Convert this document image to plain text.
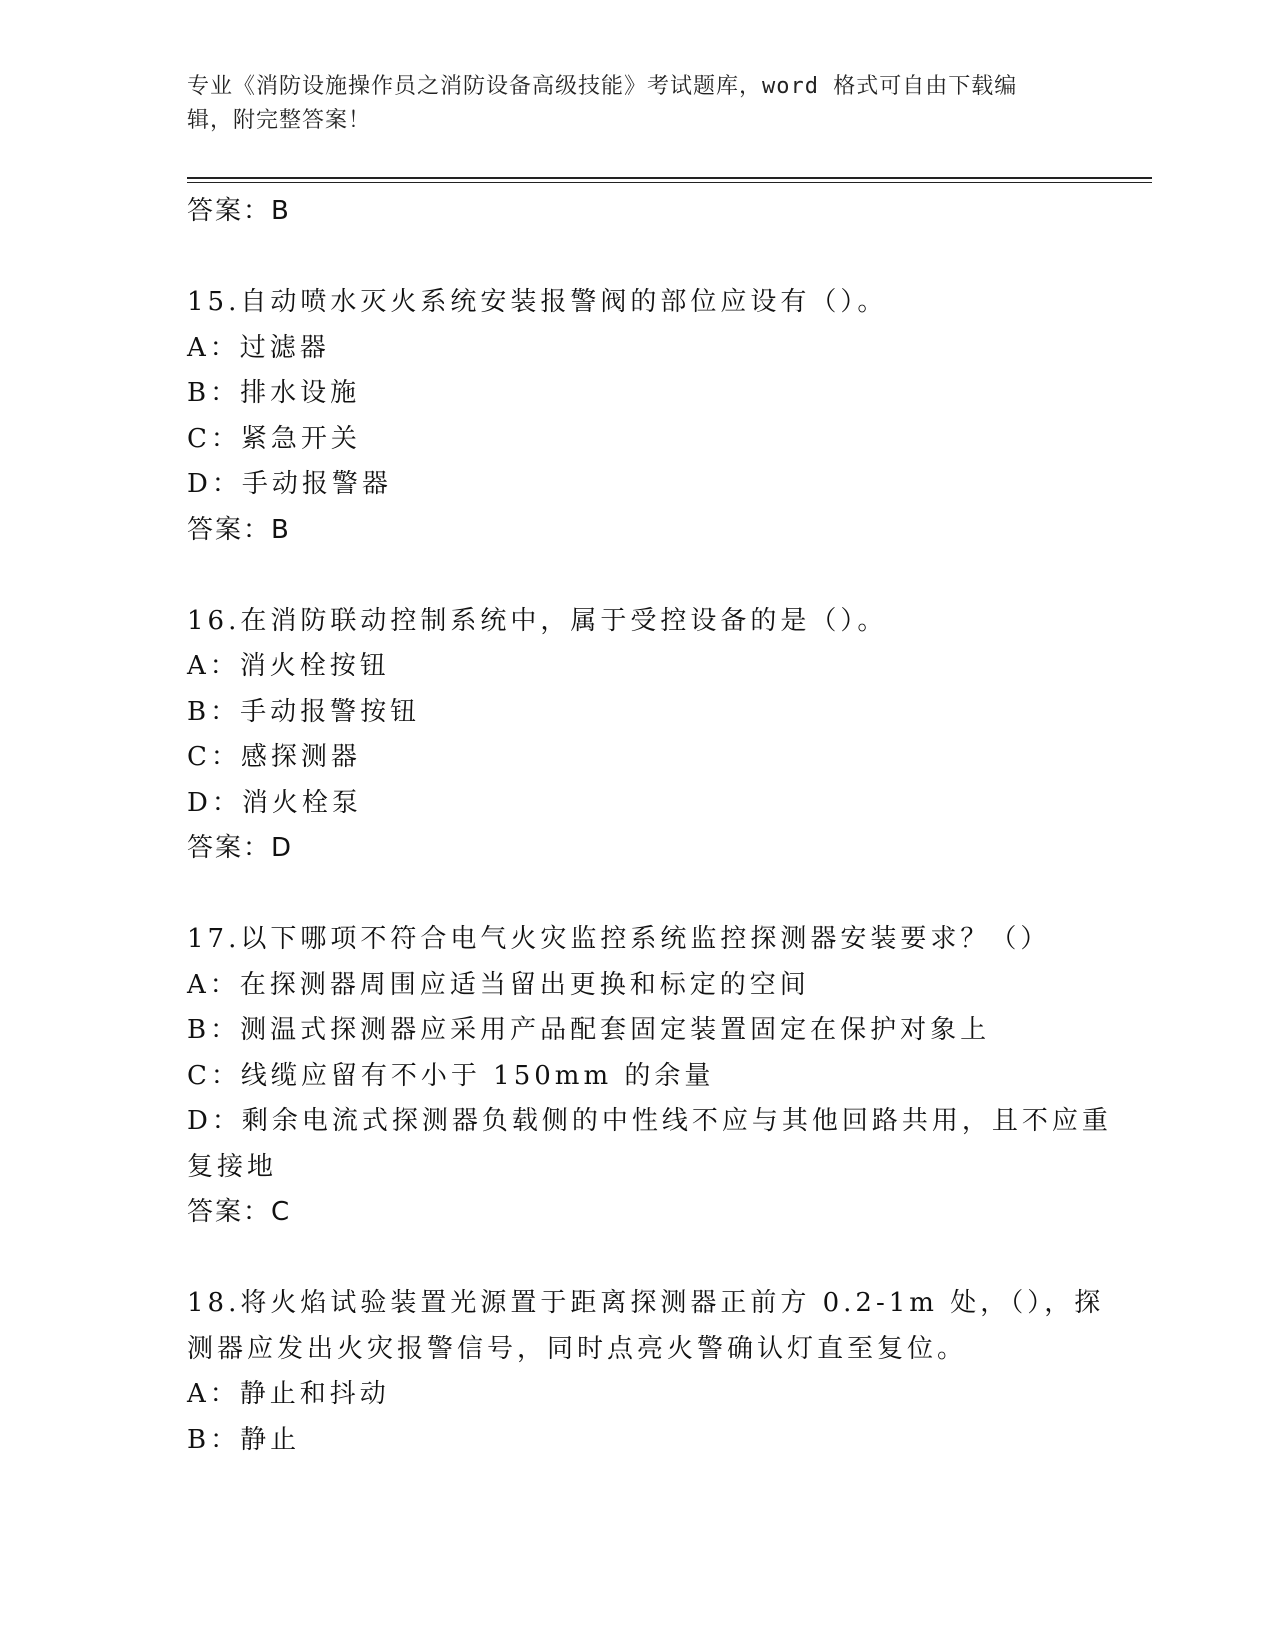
专业《消防设施操作员之消防设备高级技能》考试题库，word 格式可自由下载编
辑，附完整答案！
答案：B
15.自动喷水灭火系统安装报警阀的部位应设有（）。
A：过滤器
B：排水设施
C：紧急开关
D：手动报警器
答案：B
16.在消防联动控制系统中，属于受控设备的是（）。
A：消火栓按钮
B：手动报警按钮
C：感探测器
D：消火栓泵
答案：D
17.以下哪项不符合电气火灾监控系统监控探测器安装要求？（）
A：在探测器周围应适当留出更换和标定的空间
B：测温式探测器应采用产品配套固定装置固定在保护对象上
C：线缆应留有不小于 150mm 的余量
D：剩余电流式探测器负载侧的中性线不应与其他回路共用，且不应重
复接地
答案：C
18.将火焰试验装置光源置于距离探测器正前方 0.2-1m 处，（），探
测器应发出火灾报警信号，同时点亮火警确认灯直至复位。
A：静止和抖动
B：静止
